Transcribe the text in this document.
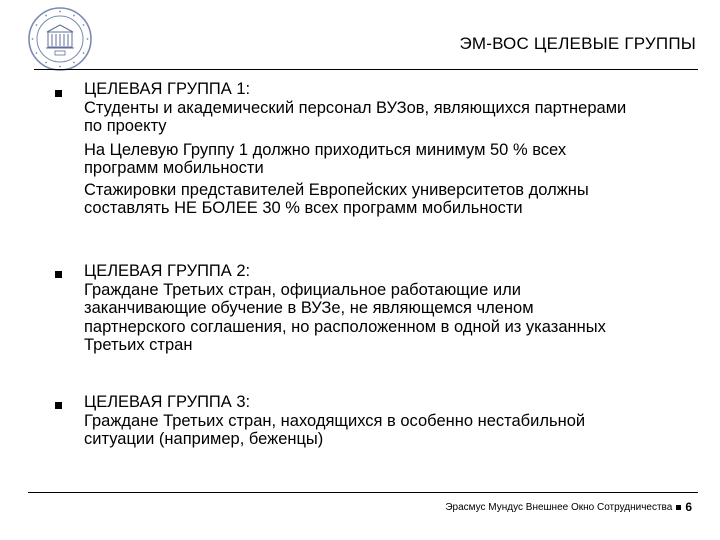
ЭМ-ВОС ЦЕЛЕВЫЕ ГРУППЫ
ЦЕЛЕВАЯ ГРУППА 1:
Студенты и академический персонал ВУЗов, являющихся партнерами
по проекту
На Целевую Группу 1 должно приходиться минимум 50 % всех
программ мобильности
Стажировки представителей Европейских университетов должны
составлять НЕ БОЛЕЕ 30 % всех программ мобильности
ЦЕЛЕВАЯ ГРУППА 2:
Граждане Третьих стран, официальное работающие или
заканчивающие обучение в ВУЗе, не являющемся членом
партнерского соглашения, но расположенном в одной из указанных
Третьих стран
ЦЕЛЕВАЯ ГРУППА 3:
Граждане Третьих стран, находящихся в особенно нестабильной
ситуации (например, беженцы)
Эрасмус Мундус Внешнее Окно Сотрудничества 6
